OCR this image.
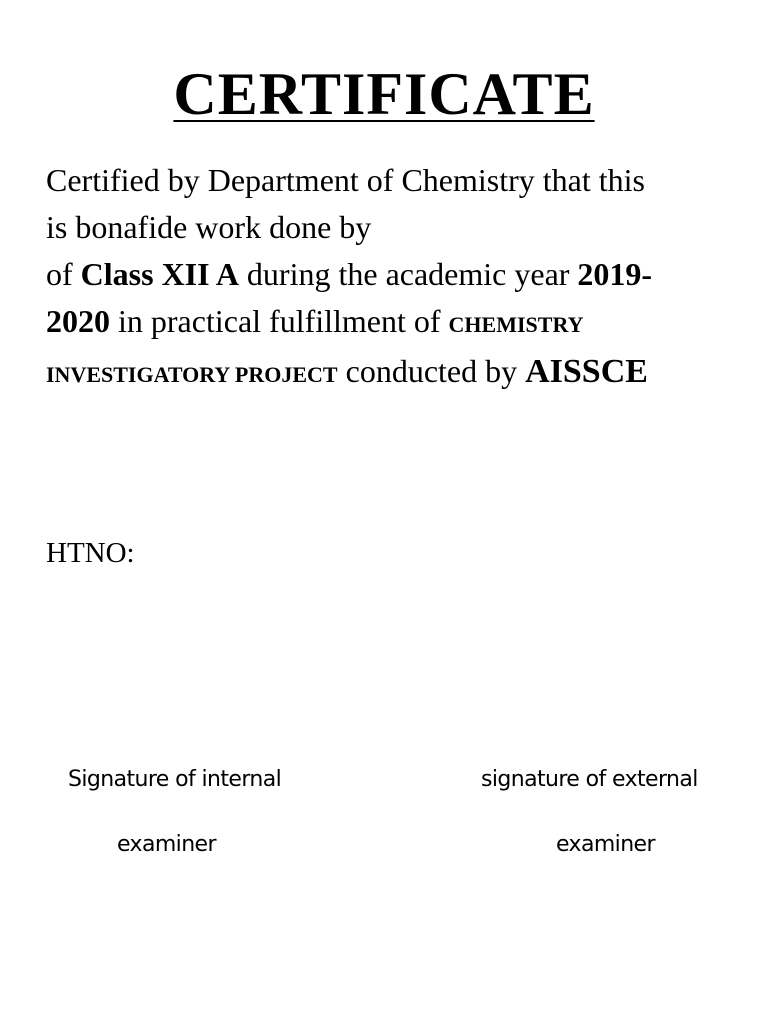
CERTIFICATE
Certified by Department of Chemistry that this
is bonafide work done by
of Class XII A during the academic year 2019-
2020 in practical fulfillment of CHEMISTRY
INVESTIGATORY PROJECT conducted by AISSCE
HTNO:
Signature of internal	signature of external
examiner	examiner
